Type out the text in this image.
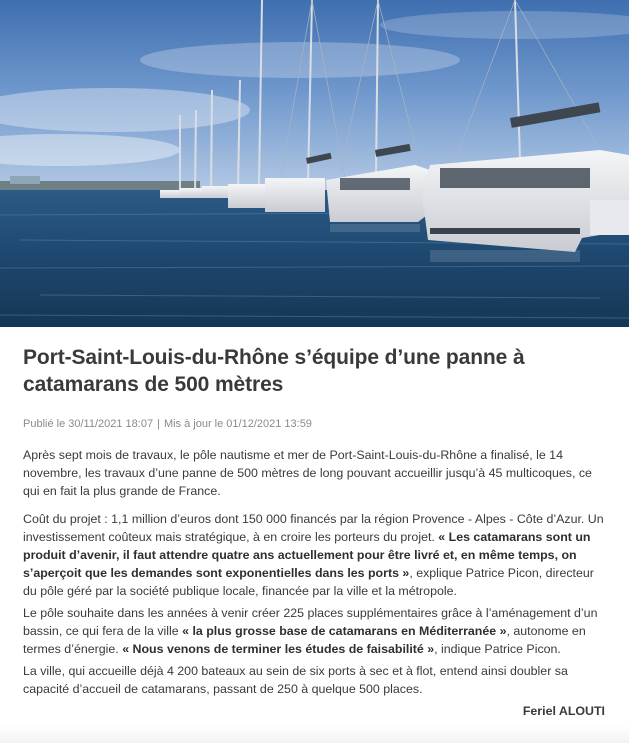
Port-Saint-Louis-du-Rhône s’équipe d’une panne à catamarans de 500 mètres
Publié le 30/11/2021 18:07 | Mis à jour le 01/12/2021 13:59

Après sept mois de travaux, le pôle nautisme et mer de Port-Saint-Louis-du-Rhône a finalisé, le 14 novembre, les travaux d’une panne de 500 mètres de long pouvant accueillir jusqu’à 45 multicoques, ce qui en fait la plus grande de France.

Coût du projet : 1,1 million d’euros dont 150 000 financés par la région Provence - Alpes - Côte d’Azur. Un investissement coûteux mais stratégique, à en croire les porteurs du projet. « Les catamarans sont un produit d’avenir, il faut attendre quatre ans actuellement pour être livré et, en même temps, on s’aperçoit que les demandes sont exponentielles dans les ports », explique Patrice Picon, directeur du pôle géré par la société publique locale, financée par la ville et la métropole.

Le pôle souhaite dans les années à venir créer 225 places supplémentaires grâce à l’aménagement d’un bassin, ce qui fera de la ville « la plus grosse base de catamarans en Méditerranée », autonome en termes d’énergie. « Nous venons de terminer les études de faisabilité », indique Patrice Picon.

La ville, qui accueille déjà 4 200 bateaux au sein de six ports à sec et à flot, entend ainsi doubler sa capacité d’accueil de catamarans, passant de 250 à quelque 500 places.

Feriel ALOUTI
